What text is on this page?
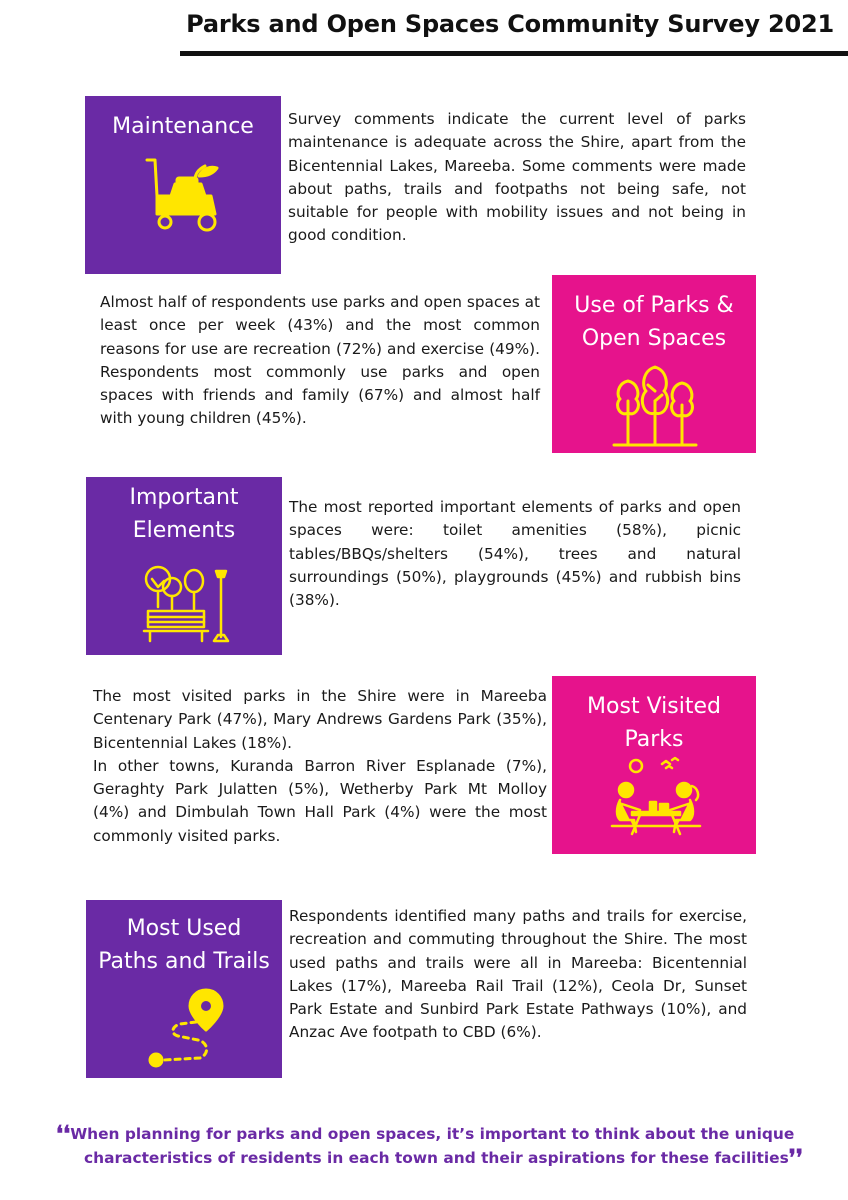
Parks and Open Spaces Community Survey 2021
Maintenance	Survey comments indicate the current level of parks maintenance is adequate across the Shire, apart from the Bicentennial Lakes, Mareeba. Some comments were made about paths, trails and footpaths not being safe, not suitable for people with mobility issues and not being in good condition.

Almost half of respondents use parks and open spaces at least once per week (43%) and the most common reasons for use are recreation (72%) and exercise (49%). Respondents most commonly use parks and open spaces with friends and family (67%) and almost half with young children (45%).

Use of Parks &
Open Spaces
Important
Elements

The most reported important elements of parks and open spaces were: toilet amenities (58%), picnic tables/BBQs/shelters (54%), trees and natural surroundings (50%), playgrounds (45%) and rubbish bins (38%).

The most visited parks in the Shire were in Mareeba Centenary Park (47%), Mary Andrews Gardens Park (35%), Bicentennial Lakes (18%).

In other towns, Kuranda Barron River Esplanade (7%), Geraghty Park Julatten (5%), Wetherby Park Mt Molloy (4%) and Dimbulah Town Hall Park (4%) were the most commonly visited parks.

Most Visited
Parks
Most Used
Paths and Trails

Respondents identified many paths and trails for exercise, recreation and commuting throughout the Shire. The most used paths and trails were all in Mareeba: Bicentennial Lakes (17%), Mareeba Rail Trail (12%), Ceola Dr, Sunset Park Estate and Sunbird Park Estate Pathways (10%), and Anzac Ave footpath to CBD (6%).

❛❛When planning for parks and open spaces, it’s important to think about the unique
characteristics of residents in each town and their aspirations for these facilities❜❜
